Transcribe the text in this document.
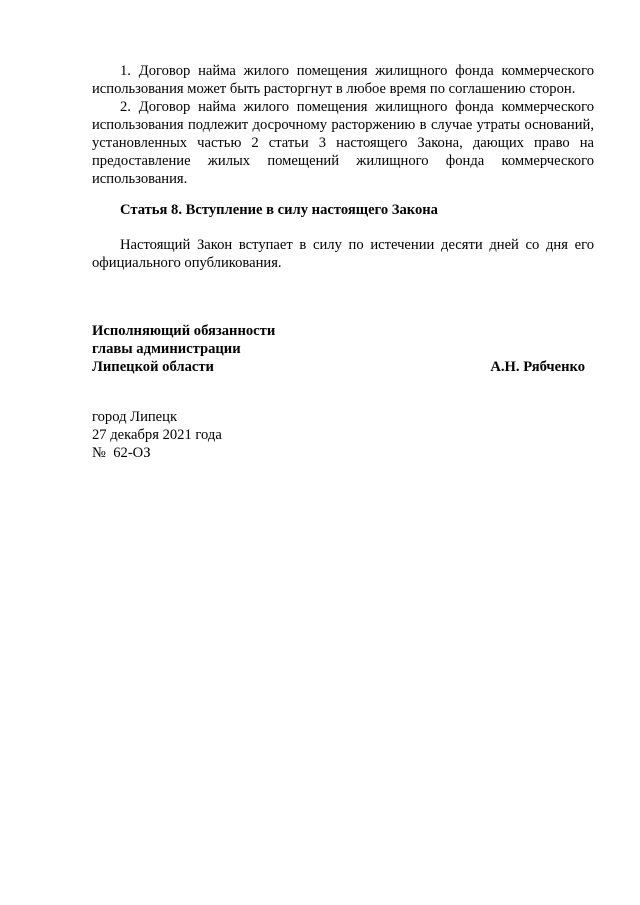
1. Договор найма жилого помещения жилищного фонда коммерческого использования может быть расторгнут в любое время по соглашению сторон.

2. Договор найма жилого помещения жилищного фонда коммерческого использования подлежит досрочному расторжению в случае утраты оснований, установленных частью 2 статьи 3 настоящего Закона, дающих право на предоставление жилых помещений жилищного фонда коммерческого использования.

Статья 8. Вступление в силу настоящего Закона

Настоящий Закон вступает в силу по истечении десяти дней со дня его официального опубликования.

Исполняющий обязанности
главы администрации
Липецкой области	А.Н. Рябченко
город Липецк
27 декабря 2021 года
№  62-ОЗ
